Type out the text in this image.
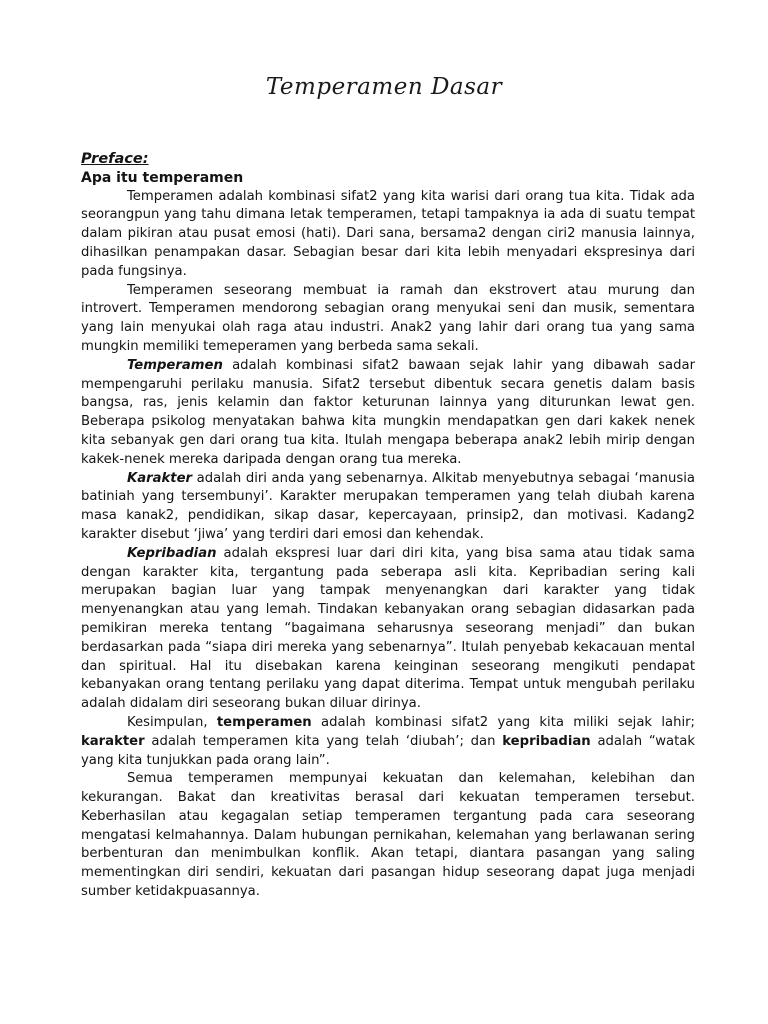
Temperamen Dasar
Preface:
Apa itu temperamen

Temperamen adalah kombinasi sifat2 yang kita warisi dari orang tua kita. Tidak ada seorangpun yang tahu dimana letak temperamen, tetapi tampaknya ia ada di suatu tempat dalam pikiran atau pusat emosi (hati). Dari sana, bersama2 dengan ciri2 manusia lainnya, dihasilkan penampakan dasar. Sebagian besar dari kita lebih menyadari ekspresinya dari pada fungsinya.

Temperamen seseorang membuat ia ramah dan ekstrovert atau murung dan introvert. Temperamen mendorong sebagian orang menyukai seni dan musik, sementara yang lain menyukai olah raga atau industri. Anak2 yang lahir dari orang tua yang sama mungkin memiliki temeperamen yang berbeda sama sekali.

Temperamen adalah kombinasi sifat2 bawaan sejak lahir yang dibawah sadar mempengaruhi perilaku manusia. Sifat2 tersebut dibentuk secara genetis dalam basis bangsa, ras, jenis kelamin dan faktor keturunan lainnya yang diturunkan lewat gen. Beberapa psikolog menyatakan bahwa kita mungkin mendapatkan gen dari kakek nenek kita sebanyak gen dari orang tua kita. Itulah mengapa beberapa anak2 lebih mirip dengan kakek-nenek mereka daripada dengan orang tua mereka.

Karakter adalah diri anda yang sebenarnya. Alkitab menyebutnya sebagai ‘manusia batiniah yang tersembunyi’. Karakter merupakan temperamen yang telah diubah karena masa kanak2, pendidikan, sikap dasar, kepercayaan, prinsip2, dan motivasi. Kadang2 karakter disebut ‘jiwa’ yang terdiri dari emosi dan kehendak.

Kepribadian adalah ekspresi luar dari diri kita, yang bisa sama atau tidak sama dengan karakter kita, tergantung pada seberapa asli kita. Kepribadian sering kali merupakan bagian luar yang tampak menyenangkan dari karakter yang tidak menyenangkan atau yang lemah. Tindakan kebanyakan orang sebagian didasarkan pada pemikiran mereka tentang “bagaimana seharusnya seseorang menjadi” dan bukan berdasarkan pada “siapa diri mereka yang sebenarnya”. Itulah penyebab kekacauan mental dan spiritual. Hal itu disebakan karena keinginan seseorang mengikuti pendapat kebanyakan orang tentang perilaku yang dapat diterima. Tempat untuk mengubah perilaku adalah didalam diri seseorang bukan diluar dirinya.

Kesimpulan, temperamen adalah kombinasi sifat2 yang kita miliki sejak lahir; karakter adalah temperamen kita yang telah ‘diubah’; dan kepribadian adalah “watak yang kita tunjukkan pada orang lain”.

Semua temperamen mempunyai kekuatan dan kelemahan, kelebihan dan kekurangan. Bakat dan kreativitas berasal dari kekuatan temperamen tersebut. Keberhasilan atau kegagalan setiap temperamen tergantung pada cara seseorang mengatasi kelmahannya. Dalam hubungan pernikahan, kelemahan yang berlawanan sering berbenturan dan menimbulkan konflik. Akan tetapi, diantara pasangan yang saling mementingkan diri sendiri, kekuatan dari pasangan hidup seseorang dapat juga menjadi sumber ketidakpuasannya.
